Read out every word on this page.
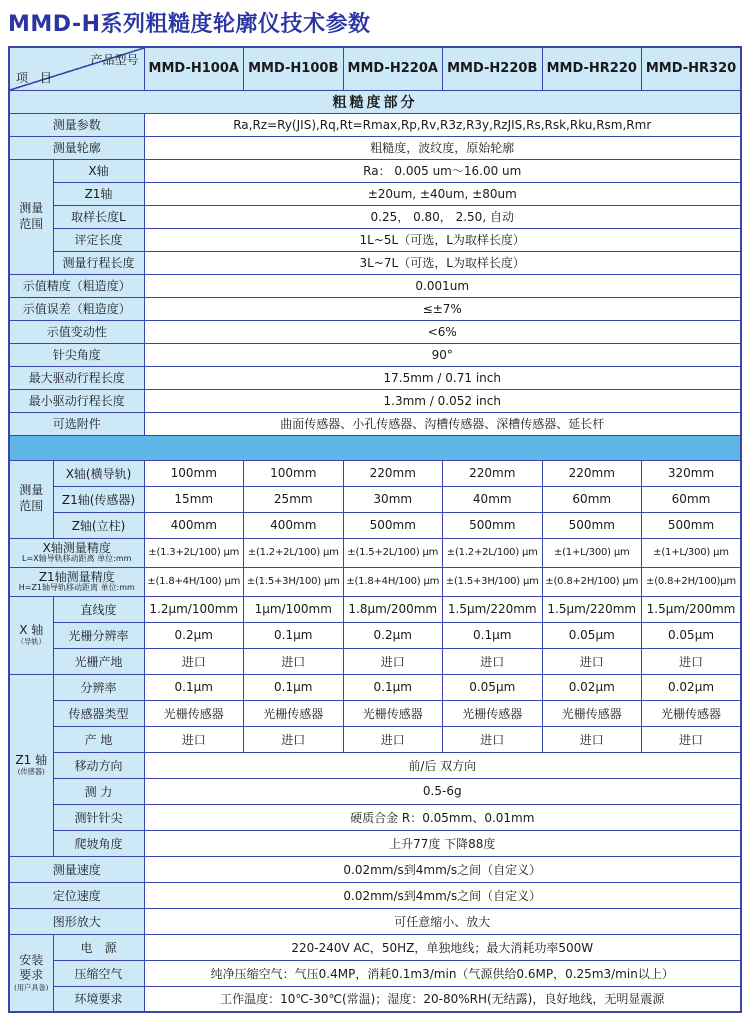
MMD-H系列粗糙度轮廓仪技术参数
产品型号
项 目		MMD-H100A	MMD-H100B	MMD-H220A	MMD-H220B	MMD-HR220	MMD-HR320
粗糙度部分							
测量参数		Ra,Rz=Ry(JIS),Rq,Rt=Rmax,Rp,Rv,R3z,R3y,RzJIS,Rs,Rsk,Rku,Rsm,Rmr					
测量轮廓		粗糙度，波纹度，原始轮廓					

测量
范围	X轴	Ra： 0.005 um～16.00 um					
	Z1轴	±20um, ±40um, ±80um					
	取样长度L	0.25， 0.80， 2.50, 自动					
	评定长度	1L~5L（可选，L为取样长度）					
	测量行程长度	3L~7L（可选，L为取样长度）					
示值精度（粗造度）		0.001um					
示值误差（粗造度）		≤±7%					
示值变动性		<6%					
针尖角度		90°					
最大驱动行程长度		17.5mm / 0.71 inch					
最小驱动行程长度		1.3mm / 0.052 inch					
可选附件		曲面传感器、小孔传感器、沟槽传感器、深槽传感器、延长杆					

测量
范围	X轴(横导轨)	100mm	100mm	220mm	220mm	220mm	320mm
	Z1轴(传感器)	15mm	25mm	30mm	40mm	60mm	60mm
	Z轴(立柱)	400mm	400mm	500mm	500mm	500mm	500mm

X轴测量精度
L=X轴导轨移动距离 单位:mm		±(1.3+2L/100) μm	±(1.2+2L/100) μm	±(1.5+2L/100) μm	±(1.2+2L/100) μm	±(1+L/300) μm	±(1+L/300) μm

Z1轴测量精度
H=Z1轴导轨移动距离 单位:mm		±(1.8+4H/100) μm	±(1.5+3H/100) μm	±(1.8+4H/100) μm	±(1.5+3H/100) μm	±(0.8+2H/100) μm	±(0.8+2H/100)μm

X 轴
（导轨）	直线度	1.2μm/100mm	1μm/100mm	1.8μm/200mm	1.5μm/220mm	1.5μm/220mm	1.5μm/200mm
	光栅分辨率	0.2μm	0.1μm	0.2μm	0.1μm	0.05μm	0.05μm
	光栅产地	进口	进口	进口	进口	进口	进口

Z1 轴
(传感器)	分辨率	0.1μm	0.1μm	0.1μm	0.05μm	0.02μm	0.02μm
	传感器类型	光栅传感器	光栅传感器	光栅传感器	光栅传感器	光栅传感器	光栅传感器
	产 地	进口	进口	进口	进口	进口	进口
	移动方向	前/后 双方向					
	测 力	0.5-6g					
	测针针尖	硬质合金 R：0.05mm、0.01mm					
	爬坡角度	上升77度 下降88度					
测量速度		0.02mm/s到4mm/s之间（自定义）					
定位速度		0.02mm/s到4mm/s之间（自定义）					
图形放大		可任意缩小、放大					

安装
要求
(用户具备)	电　源	220-240V AC，50HZ，单独地线；最大消耗功率500W					
	压缩空气	纯净压缩空气：气压0.4MP，消耗0.1m3/min（气源供给0.6MP，0.25m3/min以上）					
	环境要求	工作温度：10℃-30℃(常温)；湿度：20-80%RH(无结露)，良好地线，无明显震源					
